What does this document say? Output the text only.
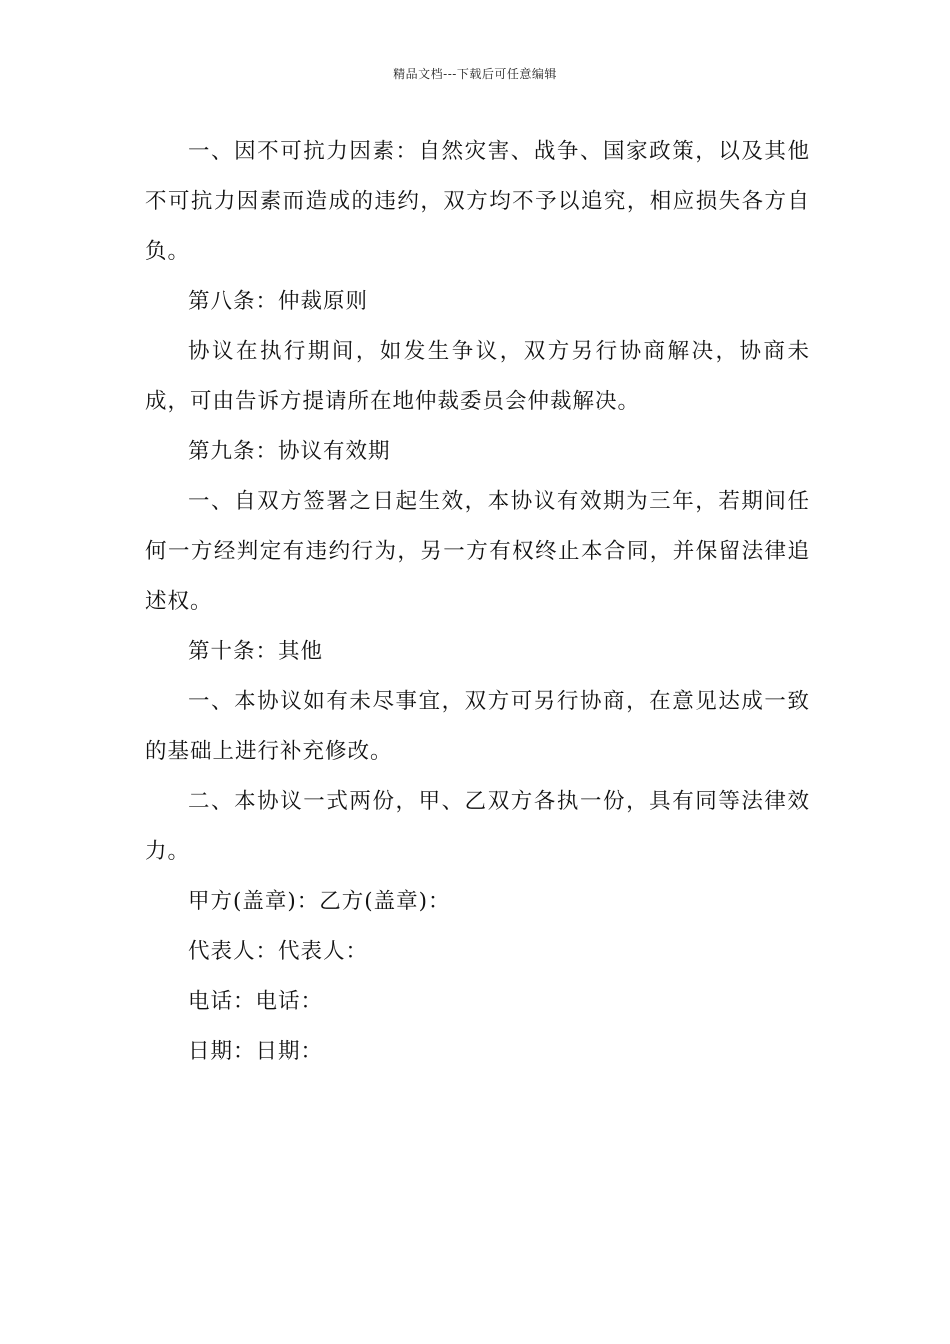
精品文档---下载后可任意编辑

一、因不可抗力因素：自然灾害、战争、国家政策，以及其他不可抗力因素而造成的违约，双方均不予以追究，相应损失各方自负。

第八条：仲裁原则

协议在执行期间，如发生争议，双方另行协商解决，协商未成，可由告诉方提请所在地仲裁委员会仲裁解决。

第九条：协议有效期

一、自双方签署之日起生效，本协议有效期为三年，若期间任何一方经判定有违约行为，另一方有权终止本合同，并保留法律追述权。

第十条：其他

一、本协议如有未尽事宜，双方可另行协商，在意见达成一致的基础上进行补充修改。

二、本协议一式两份，甲、乙双方各执一份，具有同等法律效力。

甲方(盖章)：乙方(盖章)：

代表人：代表人：

电话：电话：

日期：日期：
